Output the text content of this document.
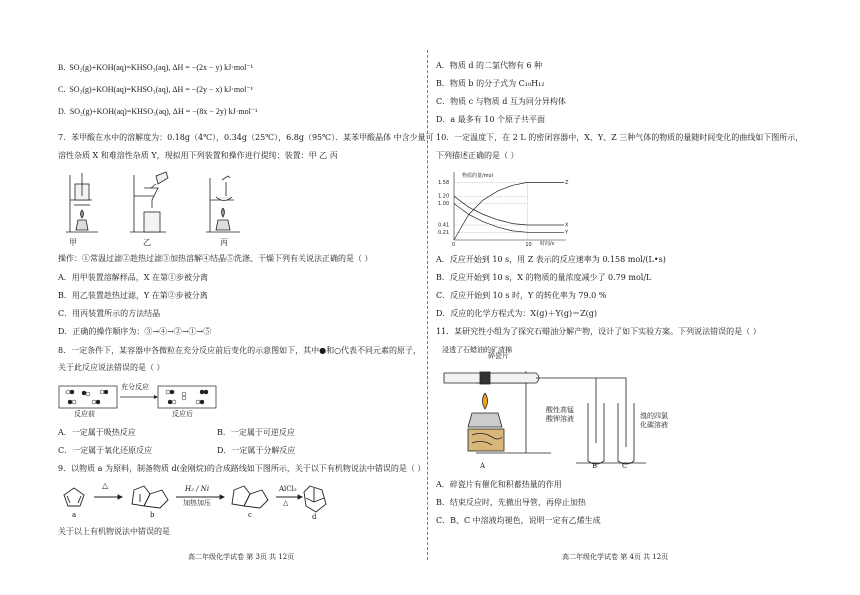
B. SO₂(g)+KOH(aq)=KHSO₃(aq), ΔH = −(2x − y) kJ·mol⁻¹
C. SO₂(g)+KOH(aq)=KHSO₃(aq), ΔH = −(2y − x) kJ·mol⁻¹
D. SO₂(g)+KOH(aq)=KHSO₃(aq), ΔH = −(8x − 2y) kJ·mol⁻¹
7．苯甲酸在水中的溶解度为：0.18g（4℃），0.34g（25℃），6.8g（95℃）．某苯甲酸晶体 中含少量可
溶性杂质 X 和难溶性杂质 Y，现拟用下列装置和操作进行提纯：装置：甲 乙 丙
甲	乙	丙
操作：①常温过滤②趁热过滤③加热溶解④结晶⑤洗涤、干燥下列有关说法正确的是（ ）
A．用甲装置溶解样品，X 在第①步被分离
B．用乙装置趁热过滤，Y 在第②步被分离
C．用丙装置所示的方法结晶
D．正确的操作顺序为：③→④→②→①→⑤
8．一定条件下，某容器中各微粒在充分反应前后变化的示意图如下，其中●和○代表不同元素的原子，
关于此反应说法错误的是（ ）
反应前
充分反应
反应后
A．一定属于吸热反应	B．一定属于可逆反应
C．一定属于氧化还原反应	D．一定属于分解反应
9．以物质 a 为原料，制备物质 d(金刚烷)的合成路线如下图所示，关于以下有机物说法中错误的是（ ）
△	H₂ / Ni
加热加压
AlCl₃
△
a	b	c	d
关于以上有机物说法中错误的是
高二年级化学试卷 第 3页 共 12页
A．物质 d 的二氯代物有 6 种
B．物质 b 的分子式为 C₁₀H₁₂
C．物质 c 与物质 d 互为同分异构体
D．a 最多有 10 个原子共平面
10．一定温度下，在 2 L 的密闭容器中，X、Y、Z 三种气体的物质的量随时间变化的曲线如下图所示，
下列描述正确的是（ ）
物质的量/mol
时间/s
1.58
1.20
1.00
0.41
0.21
0	10
Z
X
Y
A．反应开始到 10 s，用 Z 表示的反应速率为 0.158 mol/(L•s)
B．反应开始到 10 s，X 的物质的量浓度减少了 0.79 mol/L
C．反应开始到 10 s 时，Y 的转化率为 79.0 %
D．反应的化学方程式为：X(g)＋Y(g)＝Z(g)
11．某研究性小组为了探究石蜡油分解产物，设计了如下实验方案。下列说法错误的是（ ）
浸透了石蜡油的矿渣棉
碎瓷片
酸性高锰酸钾溶液	溴的四氯化碳溶液
A	B	C
A．碎瓷片有催化和积蓄热量的作用
B．结束反应时，先撤出导管，再停止加热
C．B、C 中溶液均褪色，说明一定有乙烯生成
高二年级化学试卷 第 4页 共 12页
